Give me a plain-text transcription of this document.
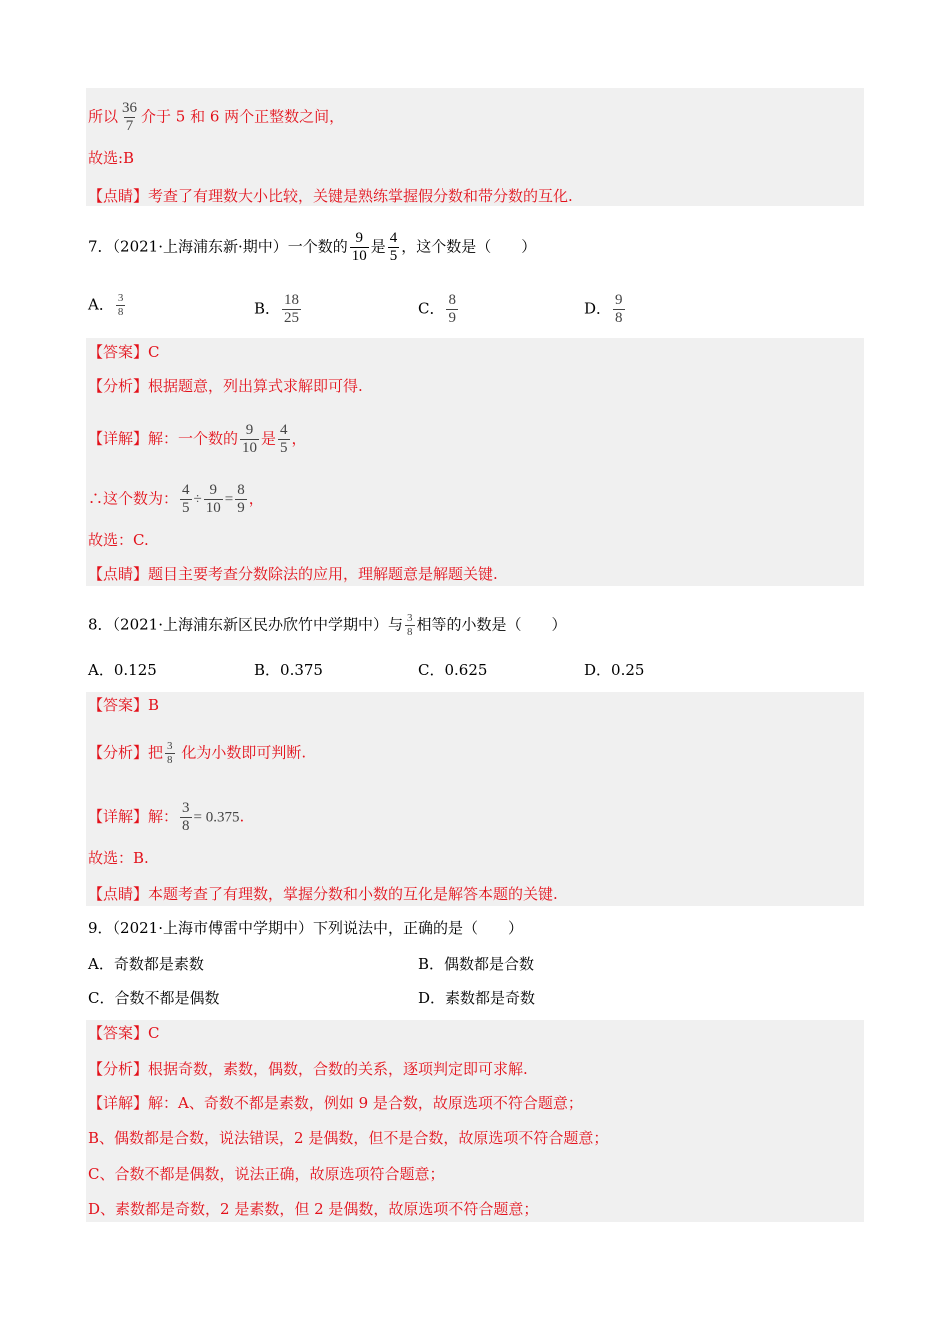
所以 $\frac{36}{7}$ 介于 5 和 6 两个正整数之间，
故选:B
【点睛】考查了有理数大小比较，关键是熟练掌握假分数和带分数的互化.
7．（2021·上海浦东新·期中）一个数的 $\frac{9}{10}$ 是 $\frac{4}{5}$ ，这个数是（　　）
A． $\frac{3}{8}$	B． $\frac{18}{25}$	C． $\frac{8}{9}$	D． $\frac{9}{8}$
【答案】C
【分析】根据题意，列出算式求解即可得.
【详解】解：一个数的 $\frac{9}{10}$ 是 $\frac{4}{5}$ ，
∴这个数为： $\frac{4}{5} \div \frac{9}{10} = \frac{8}{9}$ ，
故选：C.
【点睛】题目主要考查分数除法的应用，理解题意是解题关键.
8．（2021·上海浦东新区民办欣竹中学期中）与 $\frac{3}{8}$ 相等的小数是（　　）
A．0.125	B．0.375	C．0.625	D．0.25
【答案】B
【分析】把 $\frac{3}{8}$ 化为小数即可判断.
【详解】解： $\frac{3}{8} = 0.375$.
故选：B.
【点睛】本题考查了有理数，掌握分数和小数的互化是解答本题的关键.
9．（2021·上海市傅雷中学期中）下列说法中，正确的是（　　）
A．奇数都是素数	B．偶数都是合数
C．合数不都是偶数	D．素数都是奇数
【答案】C
【分析】根据奇数，素数，偶数，合数的关系，逐项判定即可求解.
【详解】解：A、奇数不都是素数，例如 9 是合数，故原选项不符合题意；
B、偶数都是合数，说法错误，2 是偶数，但不是合数，故原选项不符合题意；
C、合数不都是偶数，说法正确，故原选项符合题意；
D、素数都是奇数，2 是素数，但 2 是偶数，故原选项不符合题意；
